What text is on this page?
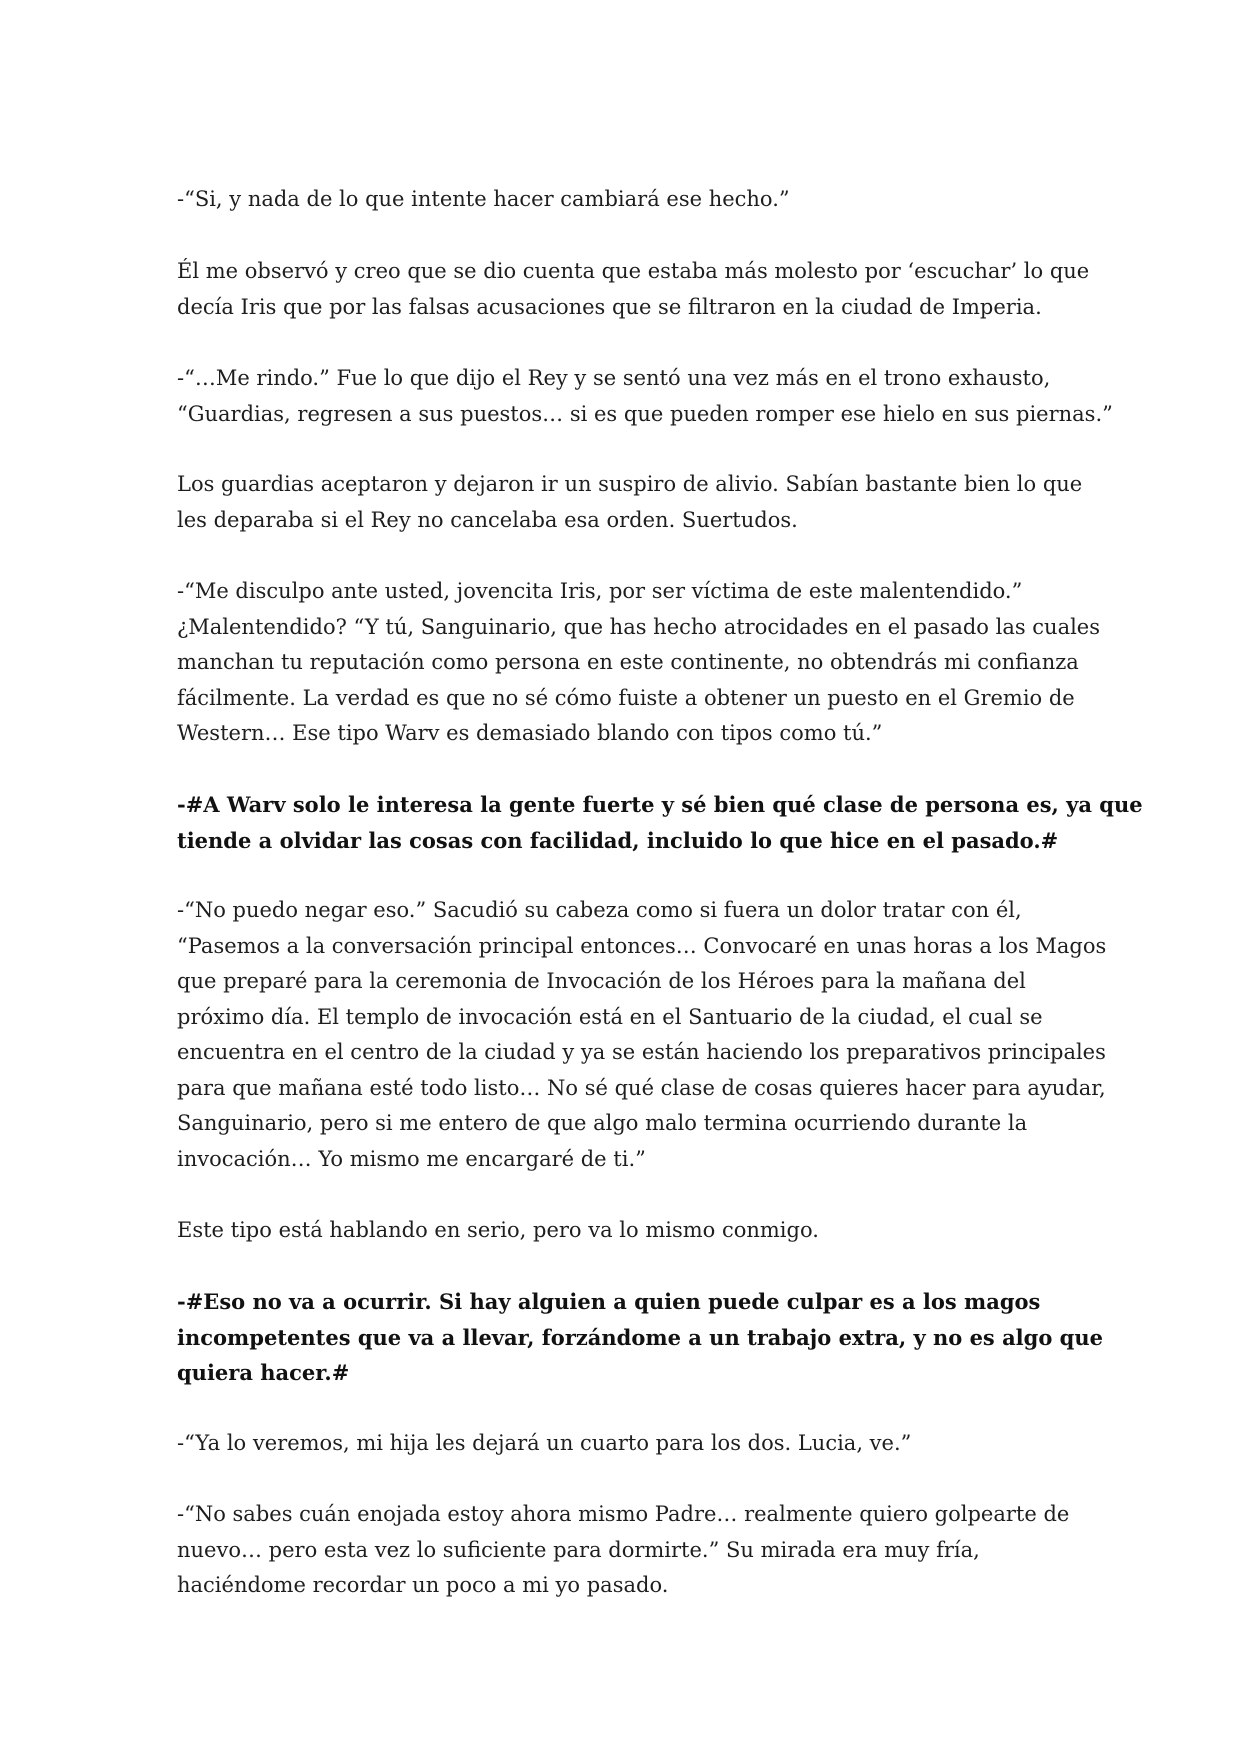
-“Si, y nada de lo que intente hacer cambiará ese hecho.”
Él me observó y creo que se dio cuenta que estaba más molesto por ‘escuchar’ lo que
decía Iris que por las falsas acusaciones que se filtraron en la ciudad de Imperia.
-“…Me rindo.” Fue lo que dijo el Rey y se sentó una vez más en el trono exhausto,
“Guardias, regresen a sus puestos… si es que pueden romper ese hielo en sus piernas.”
Los guardias aceptaron y dejaron ir un suspiro de alivio. Sabían bastante bien lo que
les deparaba si el Rey no cancelaba esa orden. Suertudos.
-“Me disculpo ante usted, jovencita Iris, por ser víctima de este malentendido.”
¿Malentendido? “Y tú, Sanguinario, que has hecho atrocidades en el pasado las cuales
manchan tu reputación como persona en este continente, no obtendrás mi confianza
fácilmente. La verdad es que no sé cómo fuiste a obtener un puesto en el Gremio de
Western… Ese tipo Warv es demasiado blando con tipos como tú.”
-#A Warv solo le interesa la gente fuerte y sé bien qué clase de persona es, ya que
tiende a olvidar las cosas con facilidad, incluido lo que hice en el pasado.#
-“No puedo negar eso.” Sacudió su cabeza como si fuera un dolor tratar con él,
“Pasemos a la conversación principal entonces… Convocaré en unas horas a los Magos
que preparé para la ceremonia de Invocación de los Héroes para la mañana del
próximo día. El templo de invocación está en el Santuario de la ciudad, el cual se
encuentra en el centro de la ciudad y ya se están haciendo los preparativos principales
para que mañana esté todo listo… No sé qué clase de cosas quieres hacer para ayudar,
Sanguinario, pero si me entero de que algo malo termina ocurriendo durante la
invocación… Yo mismo me encargaré de ti.”
Este tipo está hablando en serio, pero va lo mismo conmigo.
-#Eso no va a ocurrir. Si hay alguien a quien puede culpar es a los magos
incompetentes que va a llevar, forzándome a un trabajo extra, y no es algo que
quiera hacer.#
-“Ya lo veremos, mi hija les dejará un cuarto para los dos. Lucia, ve.”
-“No sabes cuán enojada estoy ahora mismo Padre… realmente quiero golpearte de
nuevo… pero esta vez lo suficiente para dormirte.” Su mirada era muy fría,
haciéndome recordar un poco a mi yo pasado.
